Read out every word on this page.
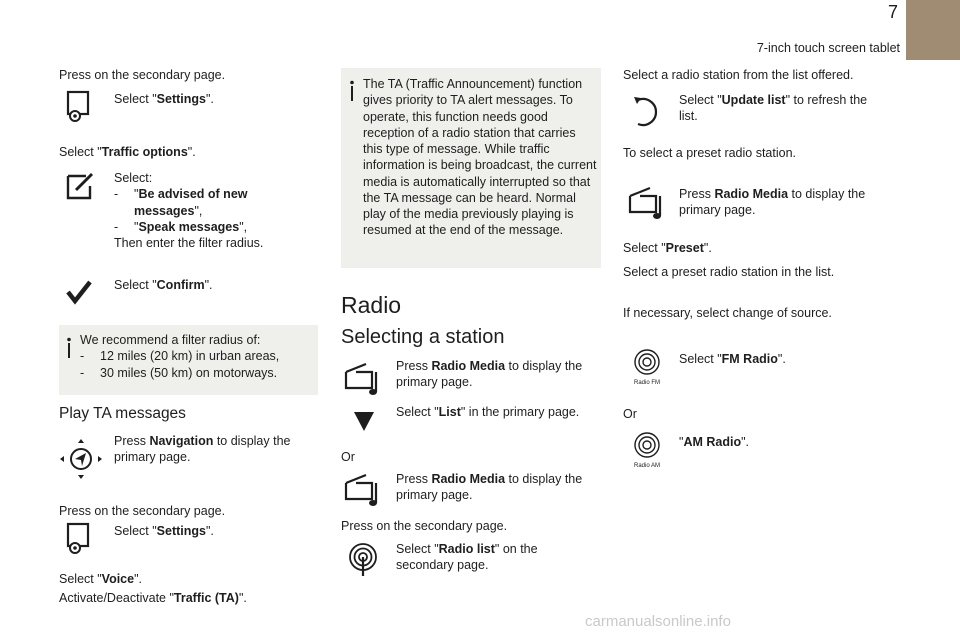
7
7-inch touch screen tablet
Press on the secondary page.
Select "Settings".
Select "Traffic options".
Select:
-	"Be advised of new messages",
-	"Speak messages",
Then enter the filter radius.
Select "Confirm".
We recommend a filter radius of:
-	12 miles (20 km) in urban areas,
-	30 miles (50 km) on motorways.
Play TA messages
Press Navigation to display the primary page.
Press on the secondary page.
Select "Settings".
Select "Voice".
Activate/Deactivate "Traffic (TA)".
The TA (Traffic Announcement) function gives priority to TA alert messages. To operate, this function needs good reception of a radio station that carries this type of message. While traffic information is being broadcast, the current media is automatically interrupted so that the TA message can be heard. Normal play of the media previously playing is resumed at the end of the message.
Radio
Selecting a station
Press Radio Media to display the primary page.
Select "List" in the primary page.
Or
Press Radio Media to display the primary page.
Press on the secondary page.
Select "Radio list" on the secondary page.
Select a radio station from the list offered.
Select "Update list" to refresh the list.
To select a preset radio station.
Press Radio Media to display the primary page.
Select "Preset".
Select a preset radio station in the list.
If necessary, select change of source.
Radio FM
Select "FM Radio".
Or
Radio AM
"AM Radio".
carmanualsonline.info
